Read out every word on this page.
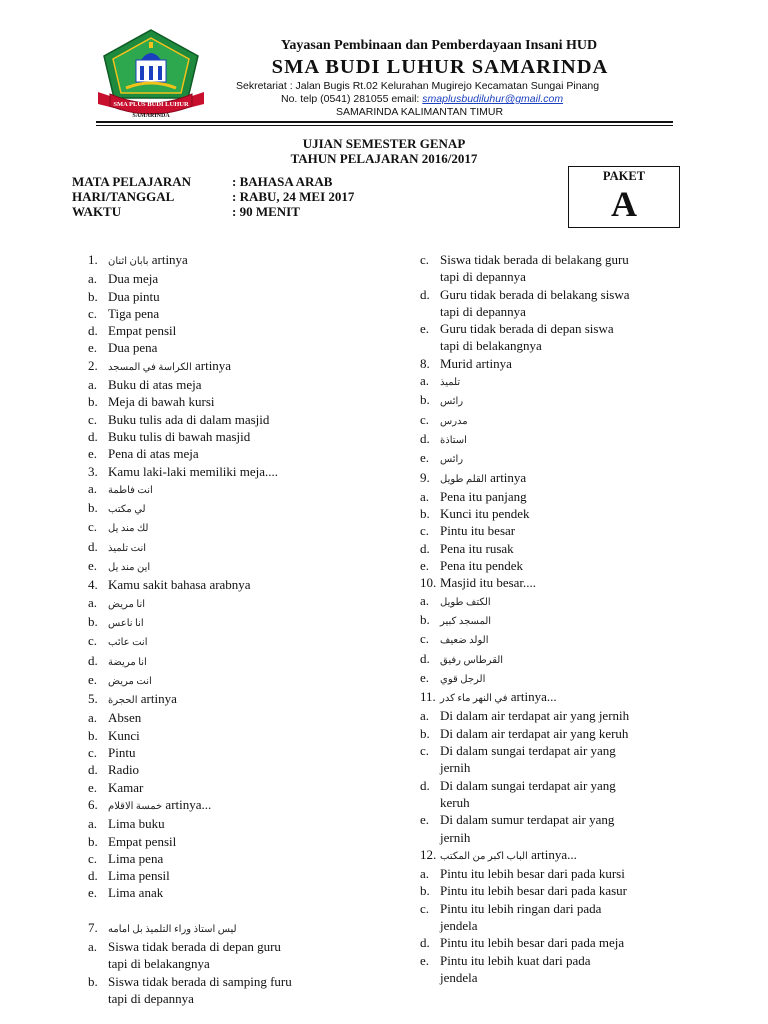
SMA PLUS BUDI LUHUR
SAMARINDA
Yayasan Pembinaan dan Pemberdayaan Insani HUD
SMA BUDI LUHUR SAMARINDA
Sekretariat : Jalan Bugis Rt.02 Kelurahan Mugirejo Kecamatan Sungai Pinang
No. telp (0541) 281055 email: smaplusbudiluhur@gmail.com
SAMARINDA KALIMANTAN TIMUR
UJIAN SEMESTER GENAP
TAHUN PELAJARAN 2016/2017
MATA PELAJARAN	: BAHASA ARAB
HARI/TANGGAL	: RABU, 24 MEI 2017
WAKTU	: 90 MENIT
PAKET
A
1. بابان اثنان artinya
a. Dua meja
b. Dua pintu
c. Tiga pena
d. Empat pensil
e. Dua pena
2. الكراسة في المسجد artinya
a. Buku di atas meja
b. Meja di bawah kursi
c. Buku tulis ada di dalam masjid
d. Buku tulis di bawah masjid
e. Pena di atas meja
3. Kamu laki-laki memiliki meja....
a. انت فاطمة
b. لي مكتب
c. لك مند يل
d. انت تلميذ
e. اين مند يل
4. Kamu sakit bahasa arabnya
a. انا مريض
b. انا ناعس
c. انت عائب
d. انا مريضة
e. انت مريض
5. الحجرة artinya
a. Absen
b. Kunci
c. Pintu
d. Radio
e. Kamar
6. خمسة الاقلام artinya...
a. Lima buku
b. Empat pensil
c. Lima pena
d. Lima pensil
e. Lima anak
7. ليس استاذ وراء التلميذ بل امامه
a. Siswa tidak berada di depan guru
tapi di belakangnya
b. Siswa tidak berada di samping furu
tapi di depannya
c. Siswa tidak berada di belakang guru
tapi di depannya
d. Guru tidak berada di belakang siswa
tapi di depannya
e. Guru tidak berada di depan siswa
tapi di belakangnya
8. Murid artinya
a. تلميذ
b. رائس
c. مدرس
d. استاذة
e. رائس
9. القلم طويل artinya
a. Pena itu panjang
b. Kunci itu pendek
c. Pintu itu besar
d. Pena itu rusak
e. Pena itu pendek
10. Masjid itu besar....
a. الكتف طويل
b. المسجد كبير
c. الولد ضعيف
d. القرطاس رفيق
e. الرجل قوي
11. في النهر ماء كدر artinya...
a. Di dalam air terdapat air yang jernih
b. Di dalam air terdapat air yang keruh
c. Di dalam sungai terdapat air yang
jernih
d. Di dalam sungai terdapat air yang
keruh
e. Di dalam sumur terdapat air yang
jernih
12. الباب اكبر من المكتب artinya...
a. Pintu itu lebih besar dari pada kursi
b. Pintu itu lebih besar dari pada kasur
c. Pintu itu lebih ringan dari pada
jendela
d. Pintu itu lebih besar dari pada meja
e. Pintu itu lebih kuat dari pada
jendela
